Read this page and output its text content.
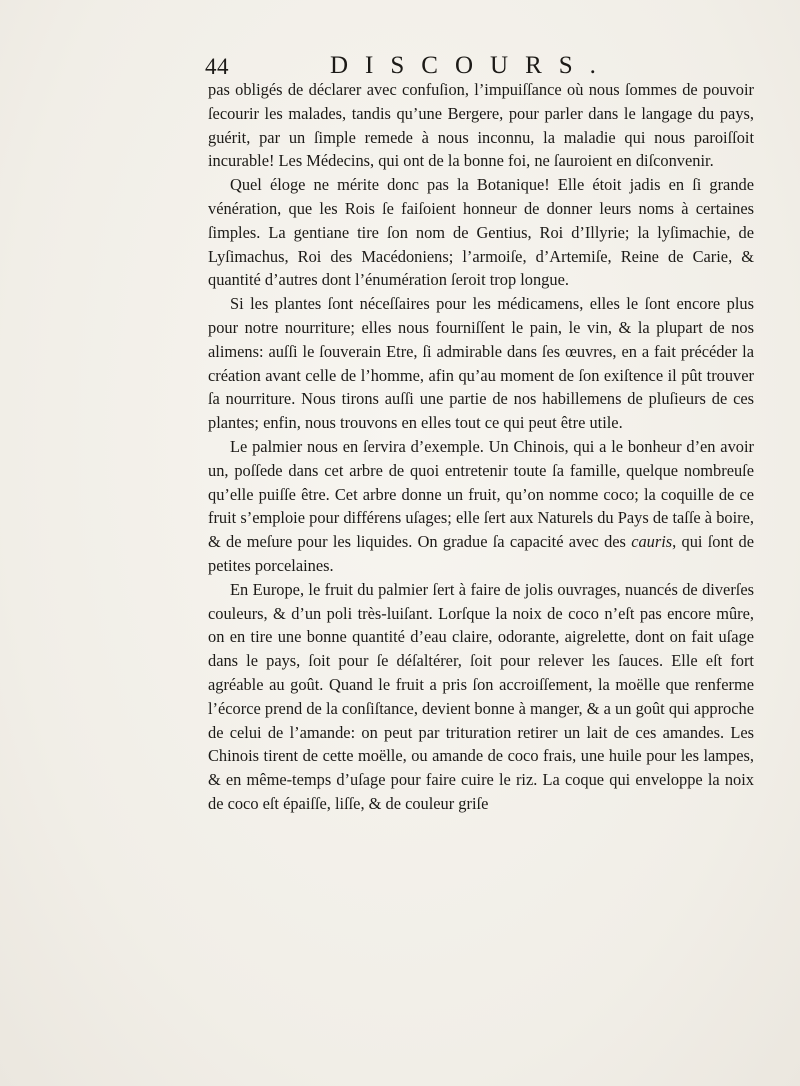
44	DISCOURS.

pas obligés de déclarer avec confuſion, l’impuiſſance où nous ſommes de pouvoir ſecourir les malades, tandis qu’une Bergere, pour parler dans le langage du pays, guérit, par un ſimple remede à nous inconnu, la maladie qui nous paroiſſoit incurable! Les Médecins, qui ont de la bonne foi, ne ſauroient en diſconvenir.

Quel éloge ne mérite donc pas la Botanique! Elle étoit jadis en ſi grande vénération, que les Rois ſe faiſoient honneur de donner leurs noms à certaines ſimples. La gentiane tire ſon nom de Gentius, Roi d’Illyrie; la lyſimachie, de Lyſimachus, Roi des Macédoniens; l’armoiſe, d’Artemiſe, Reine de Carie, & quantité d’autres dont l’énumération ſeroit trop longue.

Si les plantes ſont néceſſaires pour les médicamens, elles le ſont encore plus pour notre nourriture; elles nous fourniſſent le pain, le vin, & la plupart de nos alimens: auſſi le ſouverain Etre, ſi admirable dans ſes œuvres, en a fait précéder la création avant celle de l’homme, afin qu’au moment de ſon exiſtence il pût trouver ſa nourriture. Nous tirons auſſi une partie de nos habillemens de pluſieurs de ces plantes; enfin, nous trouvons en elles tout ce qui peut être utile.

Le palmier nous en ſervira d’exemple. Un Chinois, qui a le bonheur d’en avoir un, poſſede dans cet arbre de quoi entretenir toute ſa famille, quelque nombreuſe qu’elle puiſſe être. Cet arbre donne un fruit, qu’on nomme coco; la coquille de ce fruit s’emploie pour différens uſages; elle ſert aux Naturels du Pays de taſſe à boire, & de meſure pour les liquides. On gradue ſa capacité avec des cauris, qui ſont de petites porcelaines.

En Europe, le fruit du palmier ſert à faire de jolis ouvrages, nuancés de diverſes couleurs, & d’un poli très-luiſant. Lorſque la noix de coco n’eſt pas encore mûre, on en tire une bonne quantité d’eau claire, odorante, aigrelette, dont on fait uſage dans le pays, ſoit pour ſe déſaltérer, ſoit pour relever les ſauces. Elle eſt fort agréable au goût. Quand le fruit a pris ſon accroiſſement, la moëlle que renferme l’écorce prend de la conſiſtance, devient bonne à manger, & a un goût qui approche de celui de l’amande: on peut par trituration retirer un lait de ces amandes. Les Chinois tirent de cette moëlle, ou amande de coco frais, une huile pour les lampes, & en même-temps d’uſage pour faire cuire le riz. La coque qui enveloppe la noix de coco eſt épaiſſe, liſſe, & de couleur griſe
